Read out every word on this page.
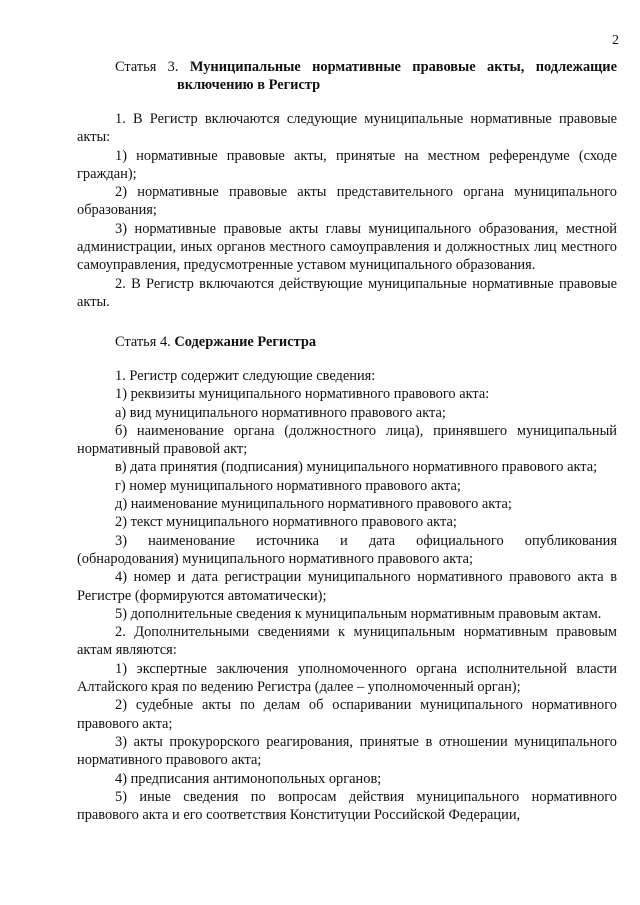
2
Статья 3. Муниципальные нормативные правовые акты, подлежащие
включению в Регистр

1. В Регистр включаются следующие муниципальные нормативные правовые акты:

1) нормативные правовые акты, принятые на местном референдуме (сходе граждан);

2) нормативные правовые акты представительного органа муниципального образования;

3) нормативные правовые акты главы муниципального образования, местной администрации, иных органов местного самоуправления и должностных лиц местного самоуправления, предусмотренные уставом муниципального образования.

2. В Регистр включаются действующие муниципальные нормативные правовые акты.

Статья 4. Содержание Регистра

1. Регистр содержит следующие сведения:

1) реквизиты муниципального нормативного правового акта:

а) вид муниципального нормативного правового акта;

б) наименование органа (должностного лица), принявшего муниципальный нормативный правовой акт;

в) дата принятия (подписания) муниципального нормативного правового акта;

г) номер муниципального нормативного правового акта;

д) наименование муниципального нормативного правового акта;

2) текст муниципального нормативного правового акта;

3) наименование источника и дата официального опубликования (обнародования) муниципального нормативного правового акта;

4) номер и дата регистрации муниципального нормативного правового акта в Регистре (формируются автоматически);

5) дополнительные сведения к муниципальным нормативным правовым актам.

2. Дополнительными сведениями к муниципальным нормативным правовым актам являются:

1) экспертные заключения уполномоченного органа исполнительной власти Алтайского края по ведению Регистра (далее – уполномоченный орган);

2) судебные акты по делам об оспаривании муниципального нормативного правового акта;

3) акты прокурорского реагирования, принятые в отношении муниципального нормативного правового акта;

4) предписания антимонопольных органов;

5) иные сведения по вопросам действия муниципального нормативного правового акта и его соответствия Конституции Российской Федерации,
